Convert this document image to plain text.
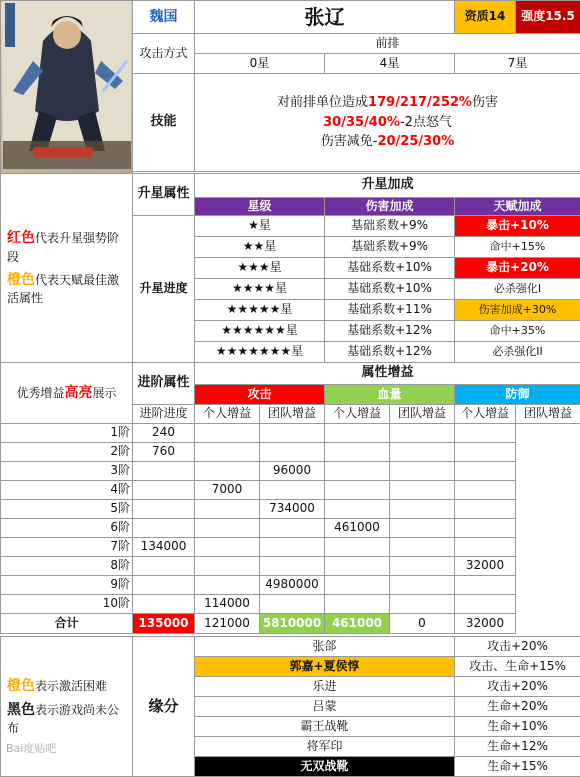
	魏国	张辽				资质14	强度15.5
	攻击方式	前排					
		0星		4星		7星	
	技能	对前排单位造成179/217/252%伤害
30/35/40%-2点怒气
伤害减免-20/25/30%					

红色代表升星强势阶段
橙色代表天赋最佳激活属性	升星属性	升星加成					
		星级		伤害加成		天赋加成	
	升星进度	★星		基础系数+9%		暴击+10%	
		★★星		基础系数+9%		命中+15%	
		★★★星		基础系数+10%		暴击+20%	
		★★★★星		基础系数+10%		必杀强化I	
		★★★★★星		基础系数+11%		伤害加成+30%	
		★★★★★★星		基础系数+12%		命中+35%	
		★★★★★★★星		基础系数+12%		必杀强化II	
优秀增益高亮展示	进阶属性	属性增益					
		攻击		血量		防御	
	进阶进度	个人增益	团队增益	个人增益	团队增益	个人增益	团队增益
1阶	240						
2阶	760						
3阶			96000				
4阶		7000					
5阶			734000				
6阶				461000			
7阶	134000						
8阶						32000	
9阶			4980000				
10阶		114000					
合计	135000	121000	5810000	461000	0	32000	

橙色表示激活困难
黑色表示游戏尚未公布
Bai度贴吧	缘分	张郃				攻击+20%	
		郭嘉+夏侯惇				攻击、生命+15%	
		乐进				攻击+20%	
		吕蒙				生命+20%	
		霸王战靴				生命+10%	
		将军印				生命+12%	
		无双战靴				生命+15%	
